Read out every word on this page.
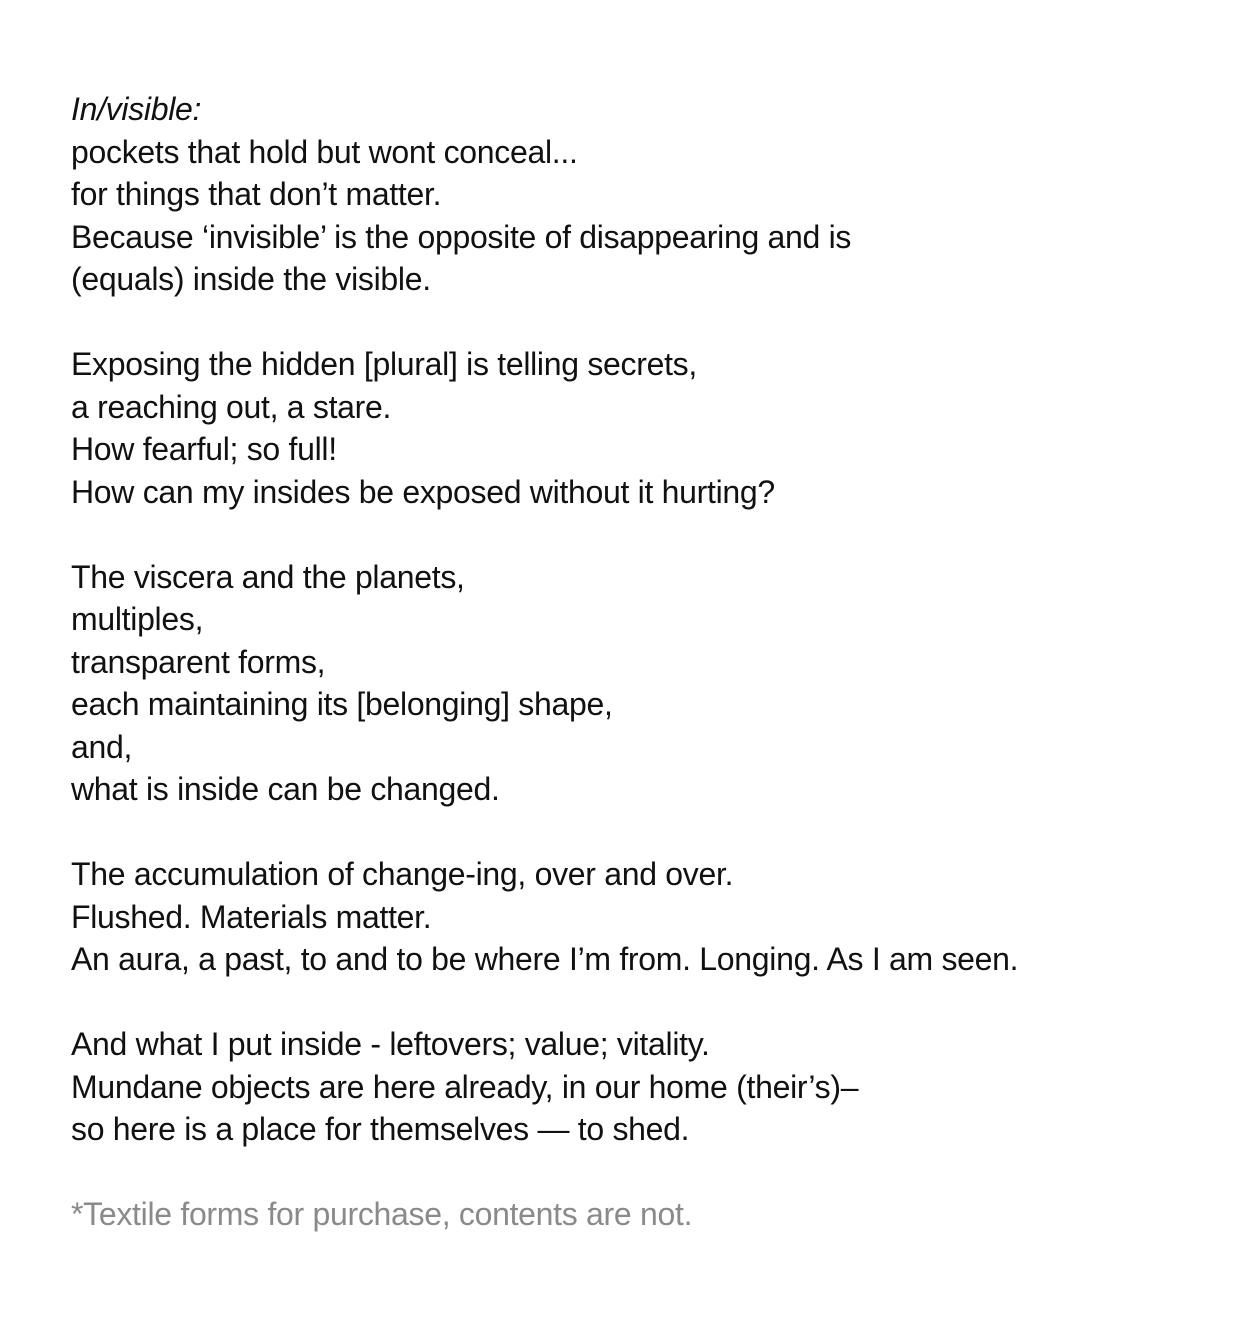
In/visible:
pockets that hold but wont conceal...
for things that don’t matter.
Because ‘invisible’ is the opposite of disappearing and is
(equals) inside the visible.
Exposing the hidden [plural] is telling secrets,
a reaching out, a stare.
How fearful; so full!
How can my insides be exposed without it hurting?
The viscera and the planets,
multiples,
transparent forms,
each maintaining its [belonging] shape,
and,
what is inside can be changed.
The accumulation of change-ing, over and over.
Flushed. Materials matter.
An aura, a past, to and to be where I’m from. Longing. As I am seen.
And what I put inside - leftovers; value; vitality.
Mundane objects are here already, in our home (their’s)–
so here is a place for themselves — to shed.
*Textile forms for purchase, contents are not.
